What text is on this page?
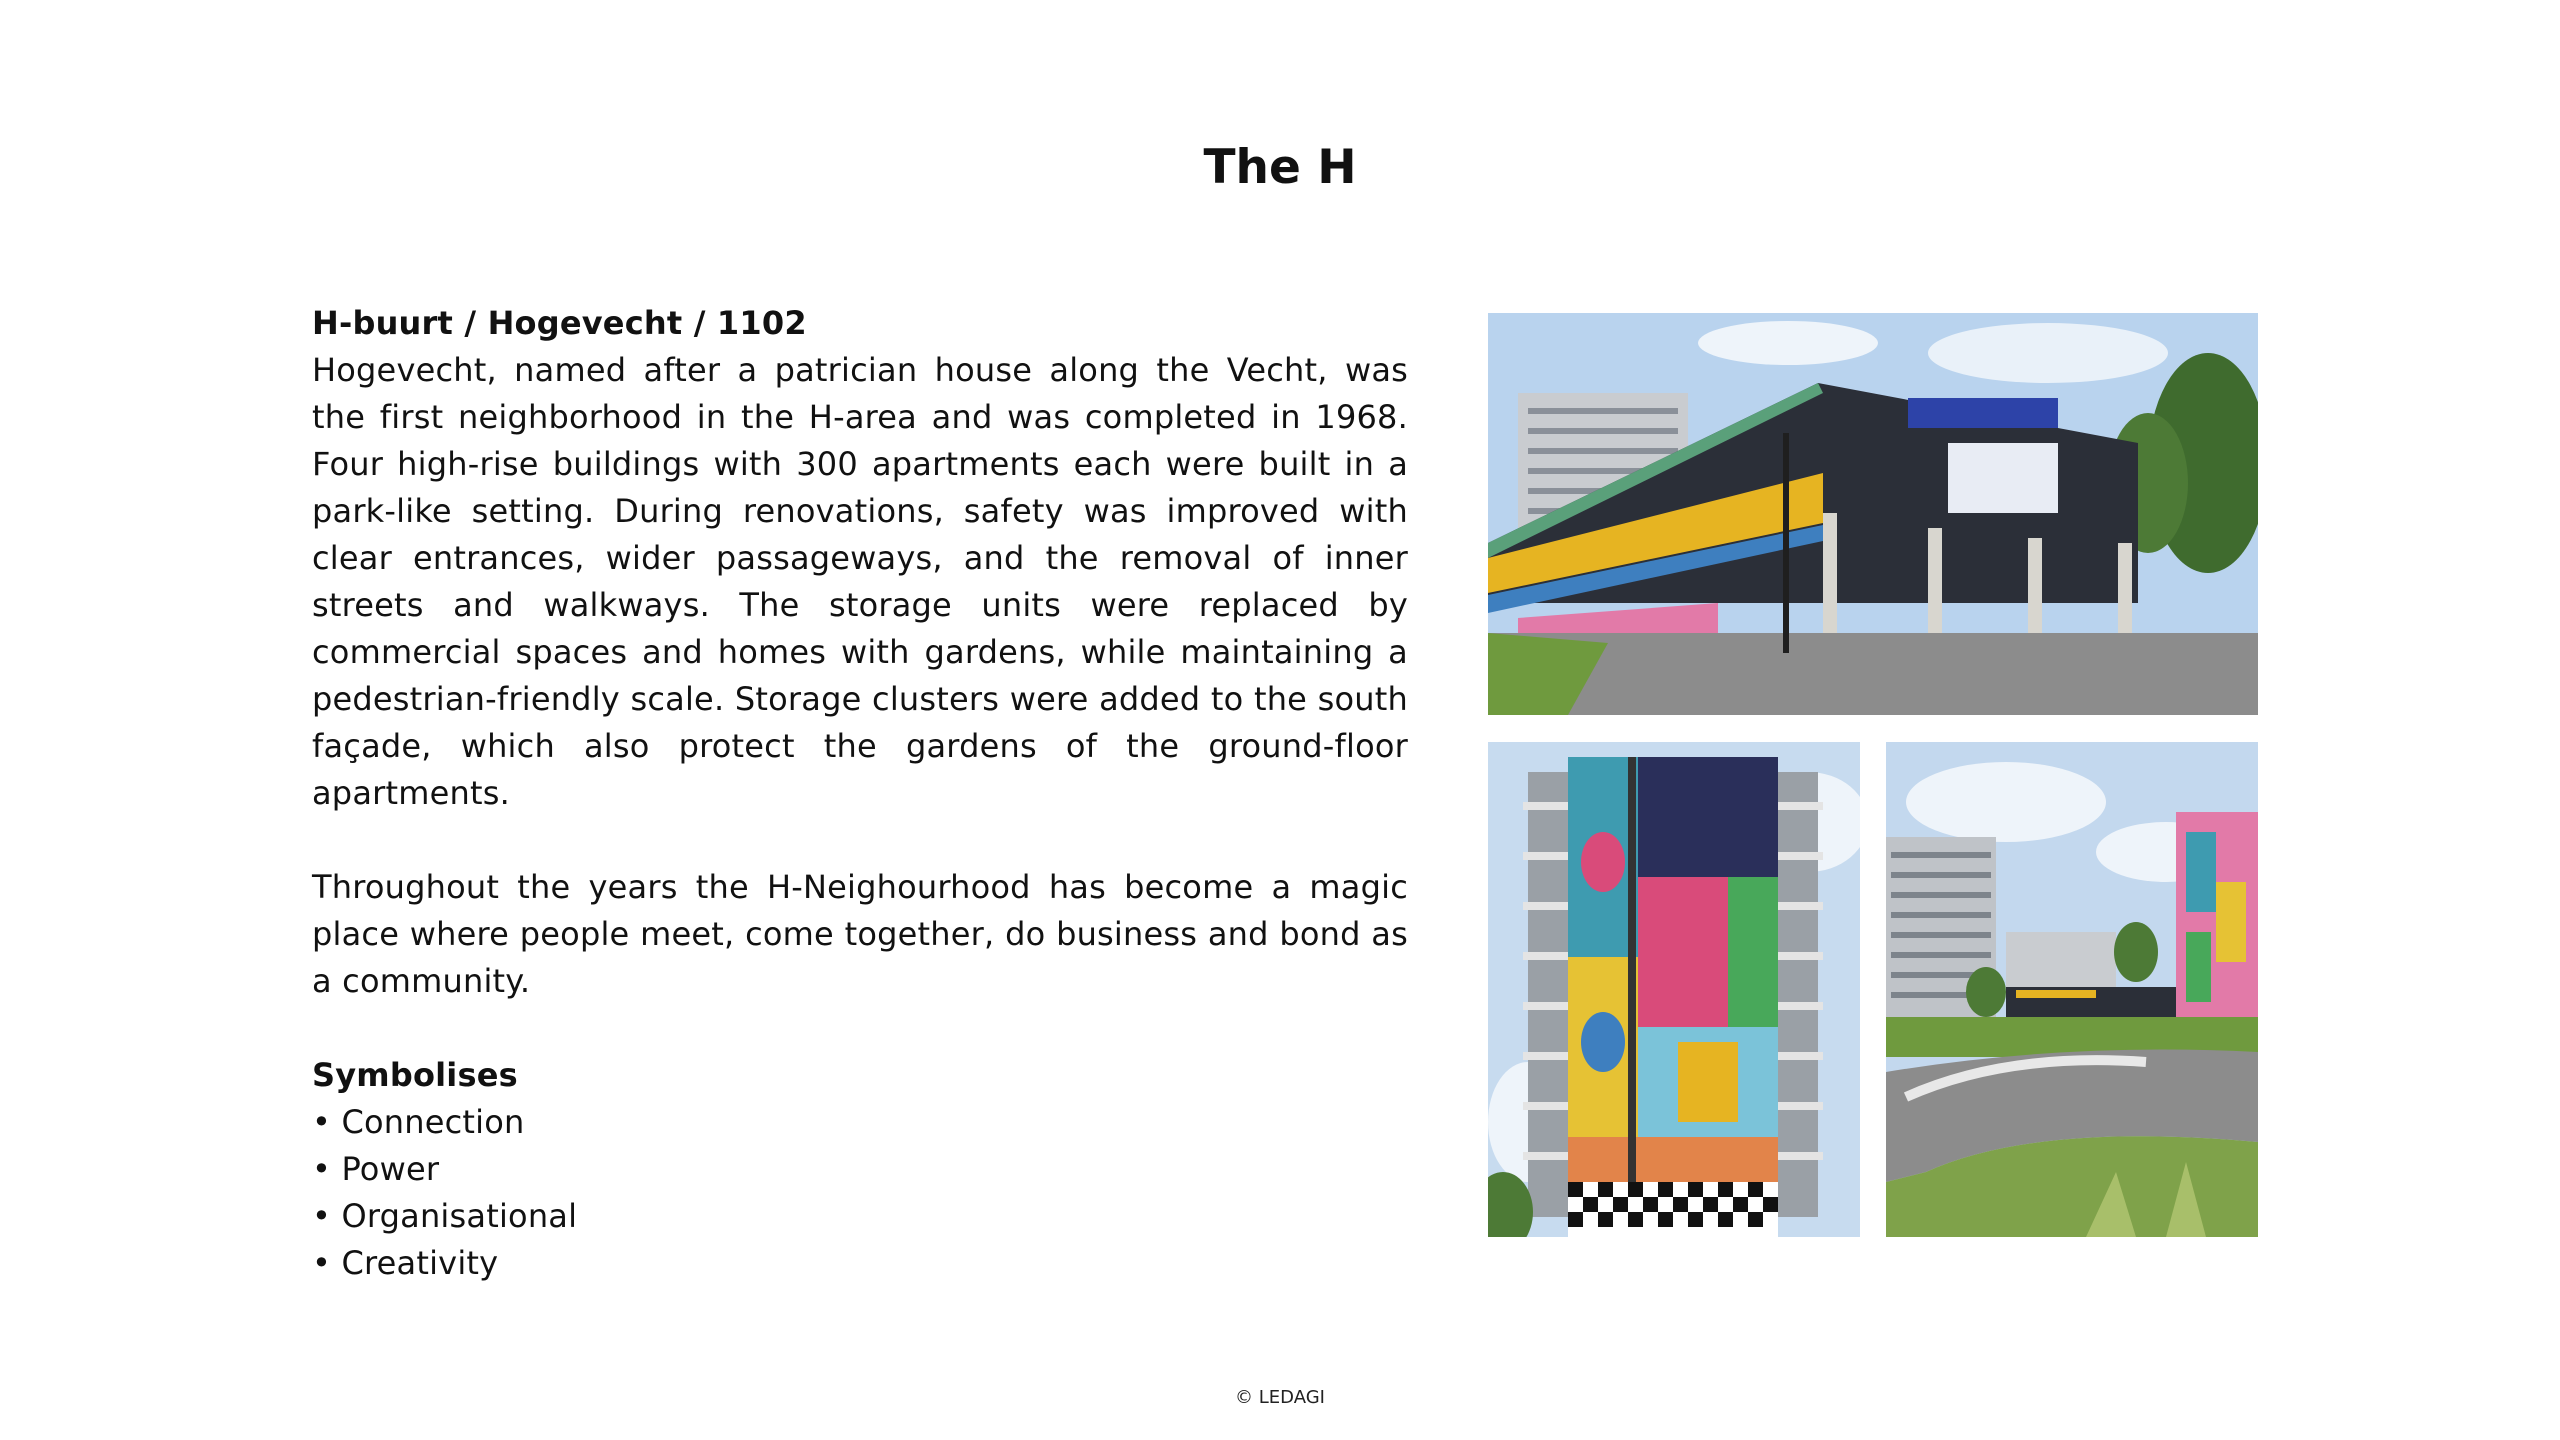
The H

H-buurt / Hogevecht / 1102

Hogevecht, named after a patrician house along the Vecht, was the first neighborhood in the H-area and was completed in 1968. Four high-rise buildings with 300 apartments each were built in a park-like setting. During renovations, safety was improved with clear entrances, wider passageways, and the removal of inner streets and walkways. The storage units were replaced by commercial spaces and homes with gardens, while maintaining a pedestrian-friendly scale. Storage clusters were added to the south façade, which also protect the gardens of the ground-floor apartments.

Throughout the years the H-Neighourhood has become a magic place where people meet, come together, do business and bond as a community.

Symbolises

• Connection
• Power
• Organisational
• Creativity
© LEDAGI
